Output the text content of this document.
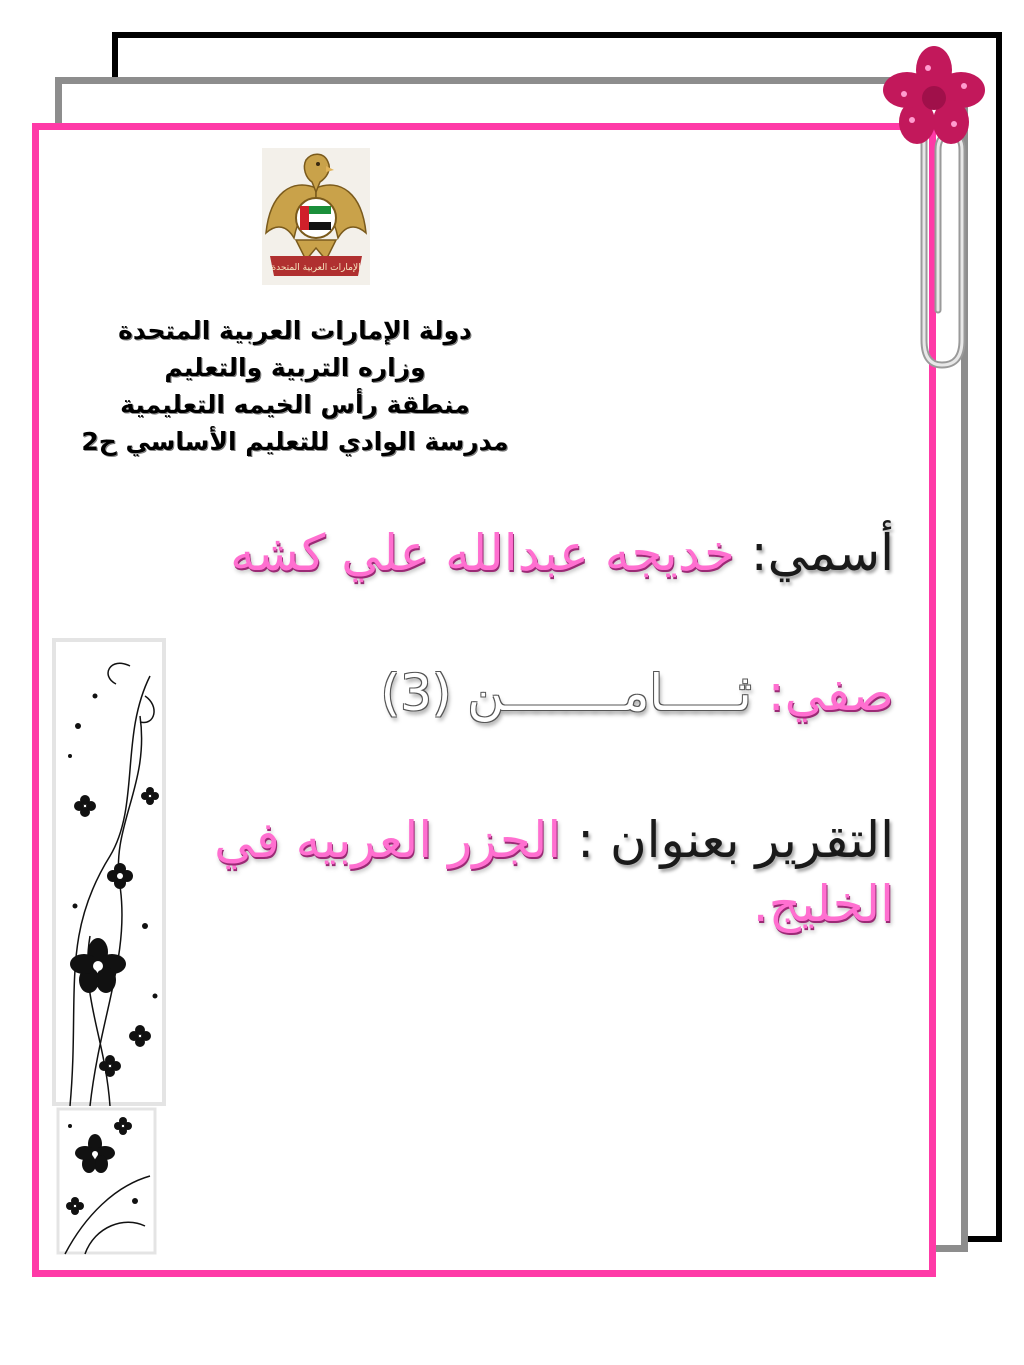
الإمارات العربية المتحدة
دولة الإمارات العربية المتحدة
وزاره التربية والتعليم
منطقة رأس الخيمه التعليمية
مدرسة الوادي للتعليم الأساسي ح2
أسمي: خديجه عبدالله علي كشه
صفي: ثـــــامــــــــن (3)
التقرير بعنوان : الجزر العربيه في الخليج.
